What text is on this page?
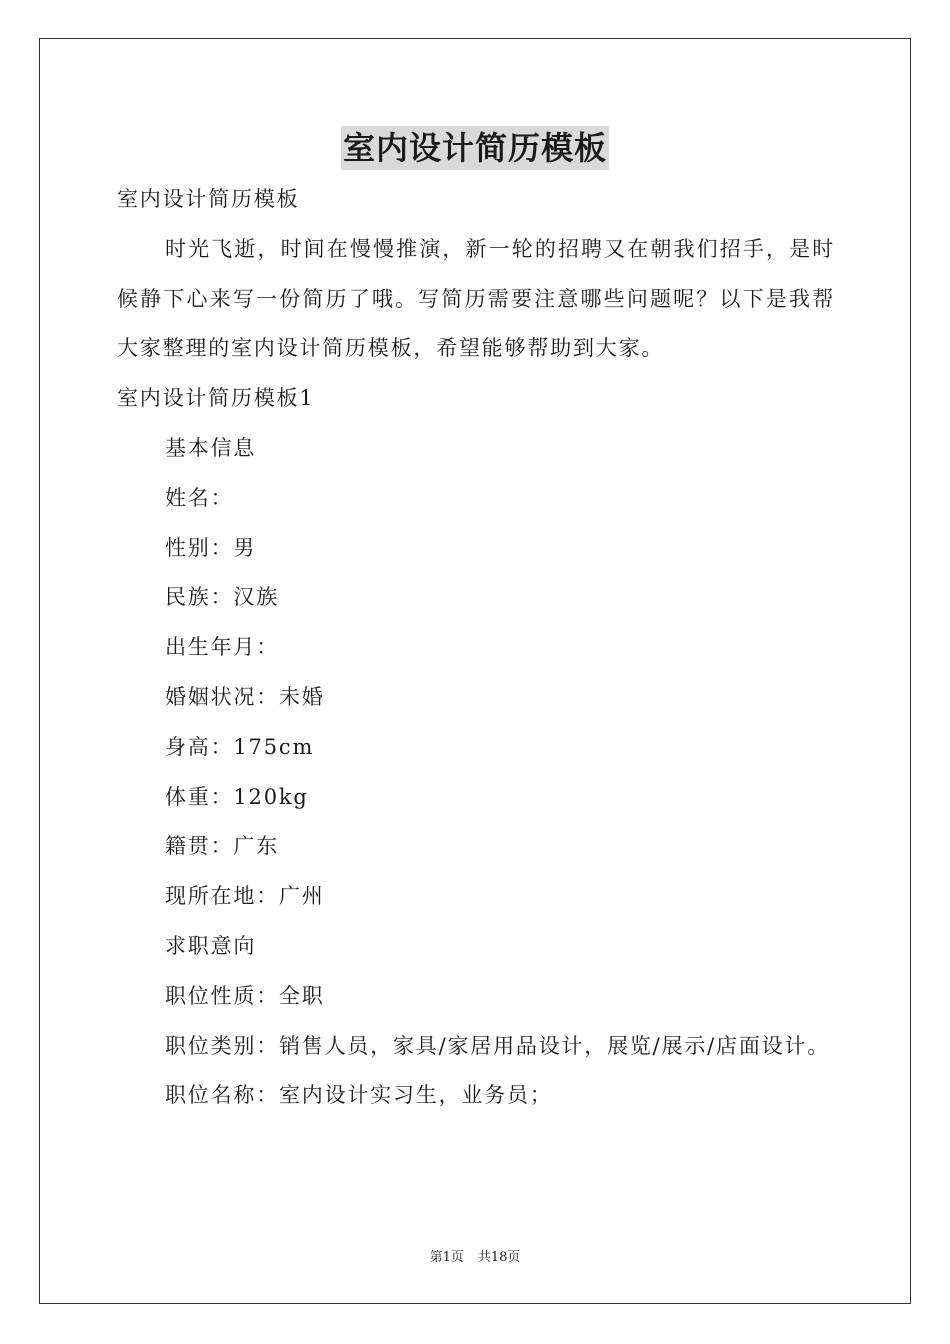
室内设计简历模板

室内设计简历模板

时光飞逝，时间在慢慢推演，新一轮的招聘又在朝我们招手，是时候静下心来写一份简历了哦。写简历需要注意哪些问题呢？以下是我帮大家整理的室内设计简历模板，希望能够帮助到大家。

室内设计简历模板1

基本信息

姓名：

性别：男

民族：汉族

出生年月：

婚姻状况：未婚

身高：175cm

体重：120kg

籍贯：广东

现所在地：广州

求职意向

职位性质：全职

职位类别：销售人员，家具/家居用品设计，展览/展示/店面设计。

职位名称：室内设计实习生，业务员；

第1页 共18页
